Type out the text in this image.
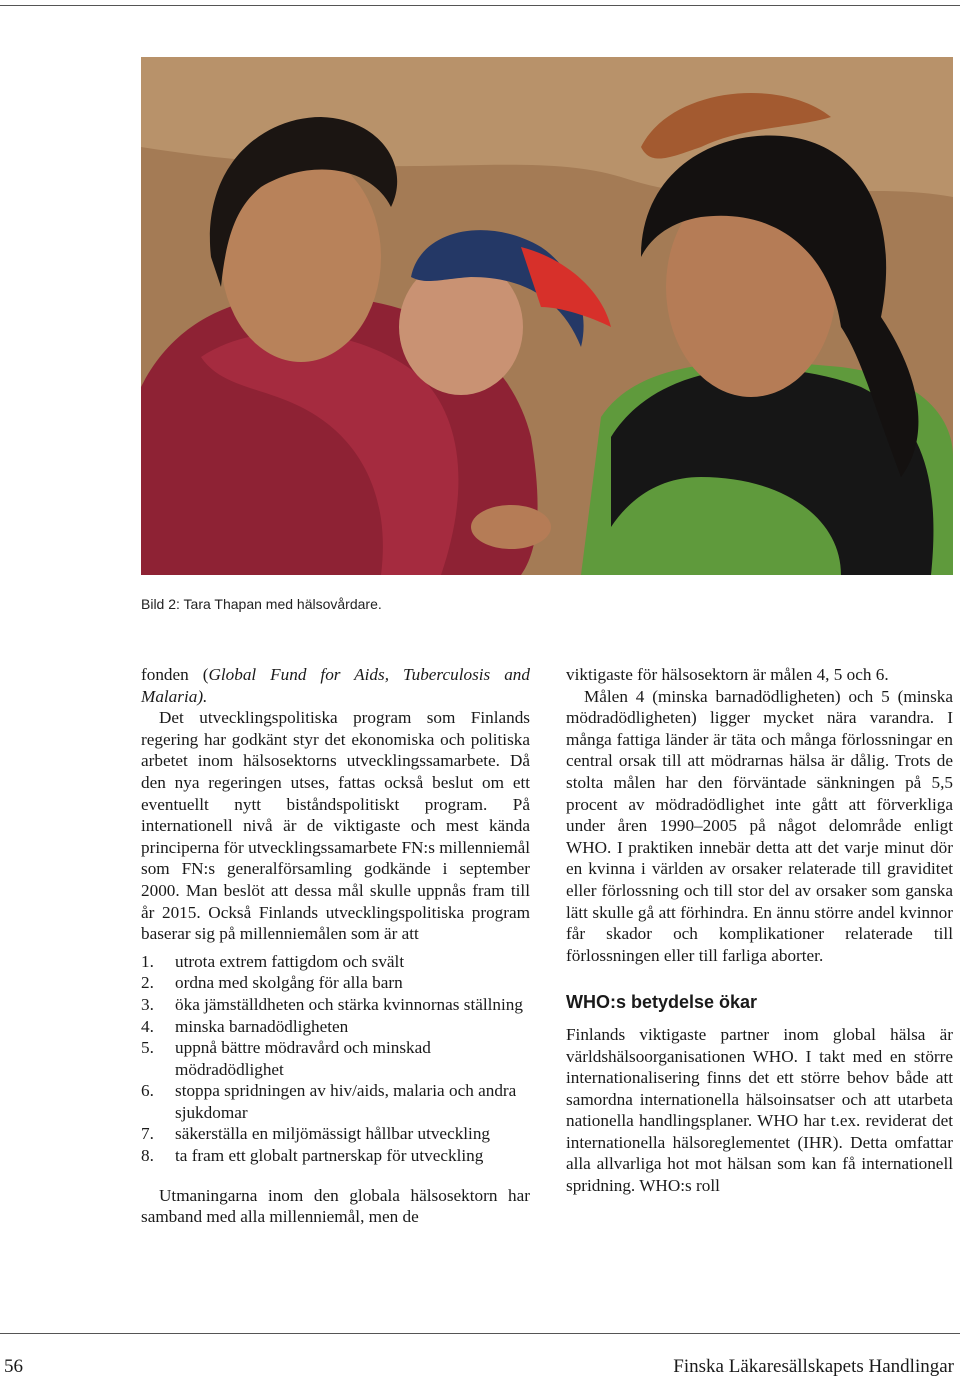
Bild 2: Tara Thapan med hälsovårdare.

fonden (Global Fund for Aids, Tuberculosis and Malaria).

Det utvecklingspolitiska program som Finlands regering har godkänt styr det ekonomiska och politiska arbetet inom hälsosektorns utvecklingssamarbete. Då den nya regeringen utses, fattas också beslut om ett eventuellt nytt biståndspolitiskt program. På internationell nivå är de viktigaste och mest kända principerna för utvecklingssamarbete FN:s millenniemål som FN:s generalförsamling godkände i september 2000. Man beslöt att dessa mål skulle uppnås fram till år 2015. Också Finlands utvecklingspolitiska program baserar sig på millenniemålen som är att

1. utrota extrem fattigdom och svält
2. ordna med skolgång för alla barn
3. öka jämställdheten och stärka kvinnornas ställning
4. minska barnadödligheten
5. uppnå bättre mödravård och minskad mödradödlighet
6. stoppa spridningen av hiv/aids, malaria och andra sjukdomar
7. säkerställa en miljömässigt hållbar utveckling
8. ta fram ett globalt partnerskap för utveckling

Utmaningarna inom den globala hälsosektorn har samband med alla millenniemål, men de

viktigaste för hälsosektorn är målen 4, 5 och 6.

Målen 4 (minska barnadödligheten) och 5 (minska mödradödligheten) ligger mycket nära varandra. I många fattiga länder är täta och många förlossningar en central orsak till att mödrarnas hälsa är dålig. Trots de stolta målen har den förväntade sänkningen på 5,5 procent av mödradödlighet inte gått att förverkliga under åren 1990–2005 på något delområde enligt WHO. I praktiken innebär detta att det varje minut dör en kvinna i världen av orsaker relaterade till graviditet eller förlossning och till stor del av orsaker som ganska lätt skulle gå att förhindra. En ännu större andel kvinnor får skador och komplikationer relaterade till förlossningen eller till farliga aborter.

WHO:s betydelse ökar

Finlands viktigaste partner inom global hälsa är världshälsoorganisationen WHO. I takt med en större internationalisering finns det ett större behov både att samordna internationella hälsoinsatser och att utarbeta nationella handlingsplaner. WHO har t.ex. reviderat det internationella hälsoreglementet (IHR). Detta omfattar alla allvarliga hot mot hälsan som kan få internationell spridning. WHO:s roll

56	Finska Läkaresällskapets Handlingar
